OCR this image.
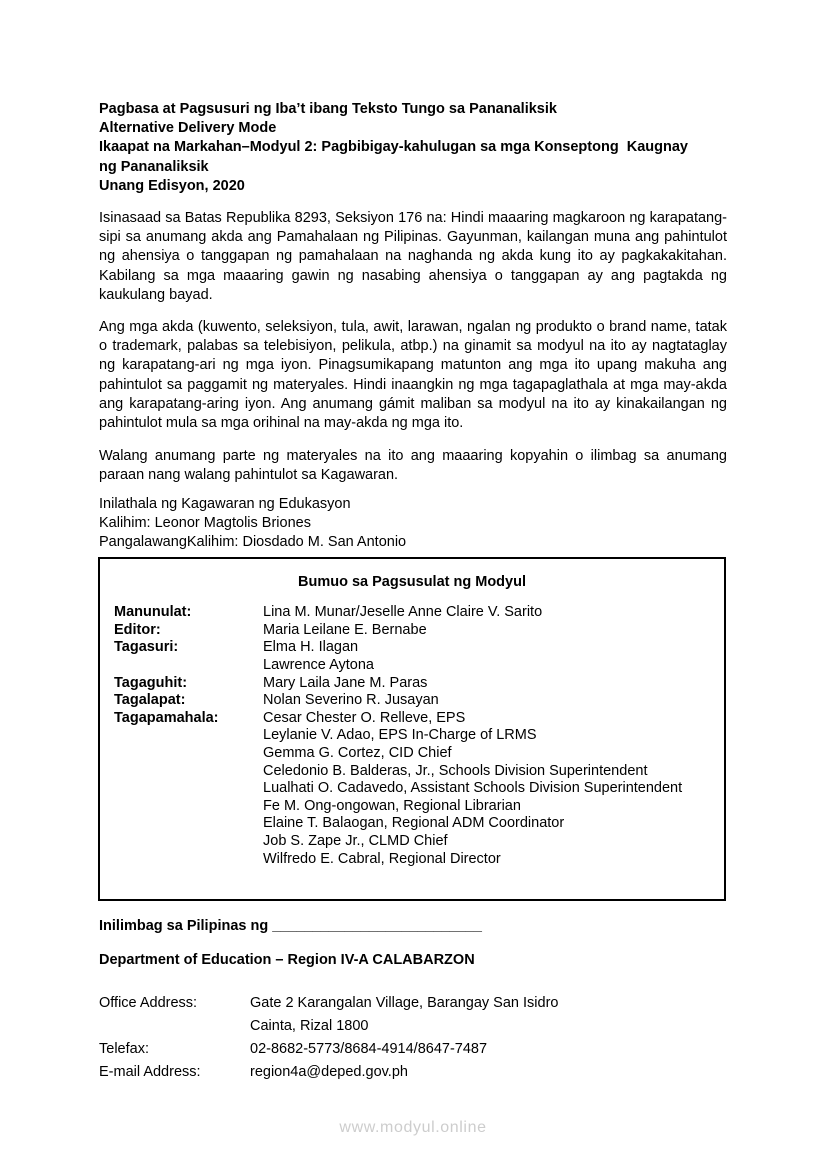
Pagbasa at Pagsusuri ng Iba’t ibang Teksto Tungo sa Pananaliksik
Alternative Delivery Mode
Ikaapat na Markahan–Modyul 2: Pagbibigay-kahulugan sa mga Konseptong  Kaugnay
ng Pananaliksik
Unang Edisyon, 2020

Isinasaad sa Batas Republika 8293, Seksiyon 176 na: Hindi maaaring magkaroon ng karapatang-sipi sa anumang akda ang Pamahalaan ng Pilipinas. Gayunman, kailangan muna ang pahintulot ng ahensiya o tanggapan ng pamahalaan na naghanda ng akda kung ito ay pagkakakitahan. Kabilang sa mga maaaring gawin ng nasabing ahensiya o tanggapan ay ang pagtakda ng kaukulang bayad.

Ang mga akda (kuwento, seleksiyon, tula, awit, larawan, ngalan ng produkto o brand name, tatak o trademark, palabas sa telebisiyon, pelikula, atbp.) na ginamit sa modyul na ito ay nagtataglay ng karapatang-ari ng mga iyon. Pinagsumikapang matunton ang mga ito upang makuha ang pahintulot sa paggamit ng materyales. Hindi inaangkin ng mga tagapaglathala at mga may-akda ang karapatang-aring iyon. Ang anumang gámit maliban sa modyul na ito ay kinakailangan ng pahintulot mula sa mga orihinal na may-akda ng mga ito.

Walang anumang parte ng materyales na ito ang maaaring kopyahin o ilimbag sa anumang paraan nang walang pahintulot sa Kagawaran.

Inilathala ng Kagawaran ng Edukasyon
Kalihim: Leonor Magtolis Briones
PangalawangKalihim: Diosdado M. San Antonio
Bumuo sa Pagsusulat ng Modyul
Manunulat:	Lina M. Munar/Jeselle Anne Claire V. Sarito
Editor:	Maria Leilane E. Bernabe
Tagasuri:	Elma H. Ilagan
Lawrence Aytona
Tagaguhit:	Mary Laila Jane M. Paras
Tagalapat:	Nolan Severino R. Jusayan
Tagapamahala:	Cesar Chester O. Relleve, EPS
Leylanie V. Adao, EPS In-Charge of LRMS
Gemma G. Cortez, CID Chief
Celedonio B. Balderas, Jr., Schools Division Superintendent
Lualhati O. Cadavedo, Assistant Schools Division Superintendent
Fe M. Ong-ongowan, Regional Librarian
Elaine T. Balaogan, Regional ADM Coordinator
Job S. Zape Jr., CLMD Chief
Wilfredo E. Cabral, Regional Director
Inilimbag sa Pilipinas ng __________________________
Department of Education – Region IV-A CALABARZON
Office Address:	Gate 2 Karangalan Village, Barangay San Isidro
Cainta, Rizal 1800
Telefax:	02-8682-5773/8684-4914/8647-7487
E-mail Address:	region4a@deped.gov.ph
www.modyul.online
